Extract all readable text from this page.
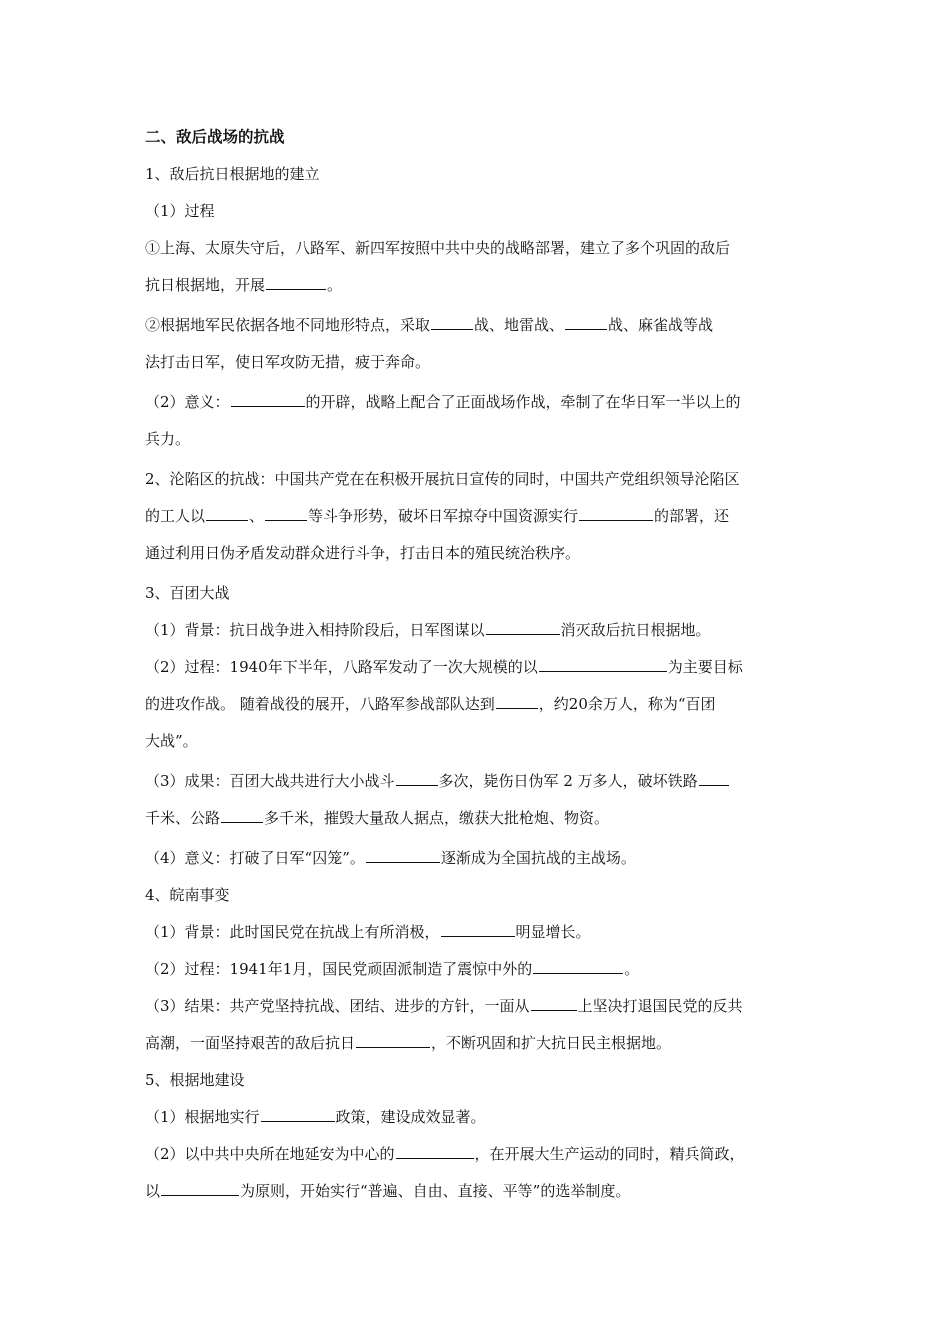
二、敌后战场的抗战
1、敌后抗日根据地的建立
（1）过程
①上海、太原失守后，八路军、新四军按照中共中央的战略部署，建立了多个巩固的敌后
抗日根据地，开展	。
②根据地军民依据各地不同地形特点，采取	战、地雷战、	战、麻雀战等战
法打击日军，使日军攻防无措，疲于奔命。
（2）意义：	的开辟，战略上配合了正面战场作战，牵制了在华日军一半以上的
兵力。
2、沦陷区的抗战：中国共产党在在积极开展抗日宣传的同时，中国共产党组织领导沦陷区
的工人以	、	等斗争形势，破坏日军掠夺中国资源实行	的部署，还
通过利用日伪矛盾发动群众进行斗争，打击日本的殖民统治秩序。
3、百团大战
（1）背景：抗日战争进入相持阶段后，日军图谋以	消灭敌后抗日根据地。
（2）过程：1940年下半年，八路军发动了一次大规模的以	为主要目标
的进攻作战。 随着战役的展开，八路军参战部队达到	，约20余万人，称为“百团
大战”。
（3）成果：百团大战共进行大小战斗	多次，毙伤日伪军 2 万多人，破坏铁路
千米、公路	多千米，摧毁大量敌人据点，缴获大批枪炮、物资。
（4）意义：打破了日军“囚笼”。	逐渐成为全国抗战的主战场。
4、皖南事变
（1）背景：此时国民党在抗战上有所消极，	明显增长。
（2）过程：1941年1月，国民党顽固派制造了震惊中外的	。
（3）结果：共产党坚持抗战、团结、进步的方针，一面从	上坚决打退国民党的反共
高潮，一面坚持艰苦的敌后抗日	，不断巩固和扩大抗日民主根据地。
5、根据地建设
（1）根据地实行	政策，建设成效显著。
（2）以中共中央所在地延安为中心的	，在开展大生产运动的同时，精兵简政，
以	为原则，开始实行“普遍、自由、直接、平等”的选举制度。
